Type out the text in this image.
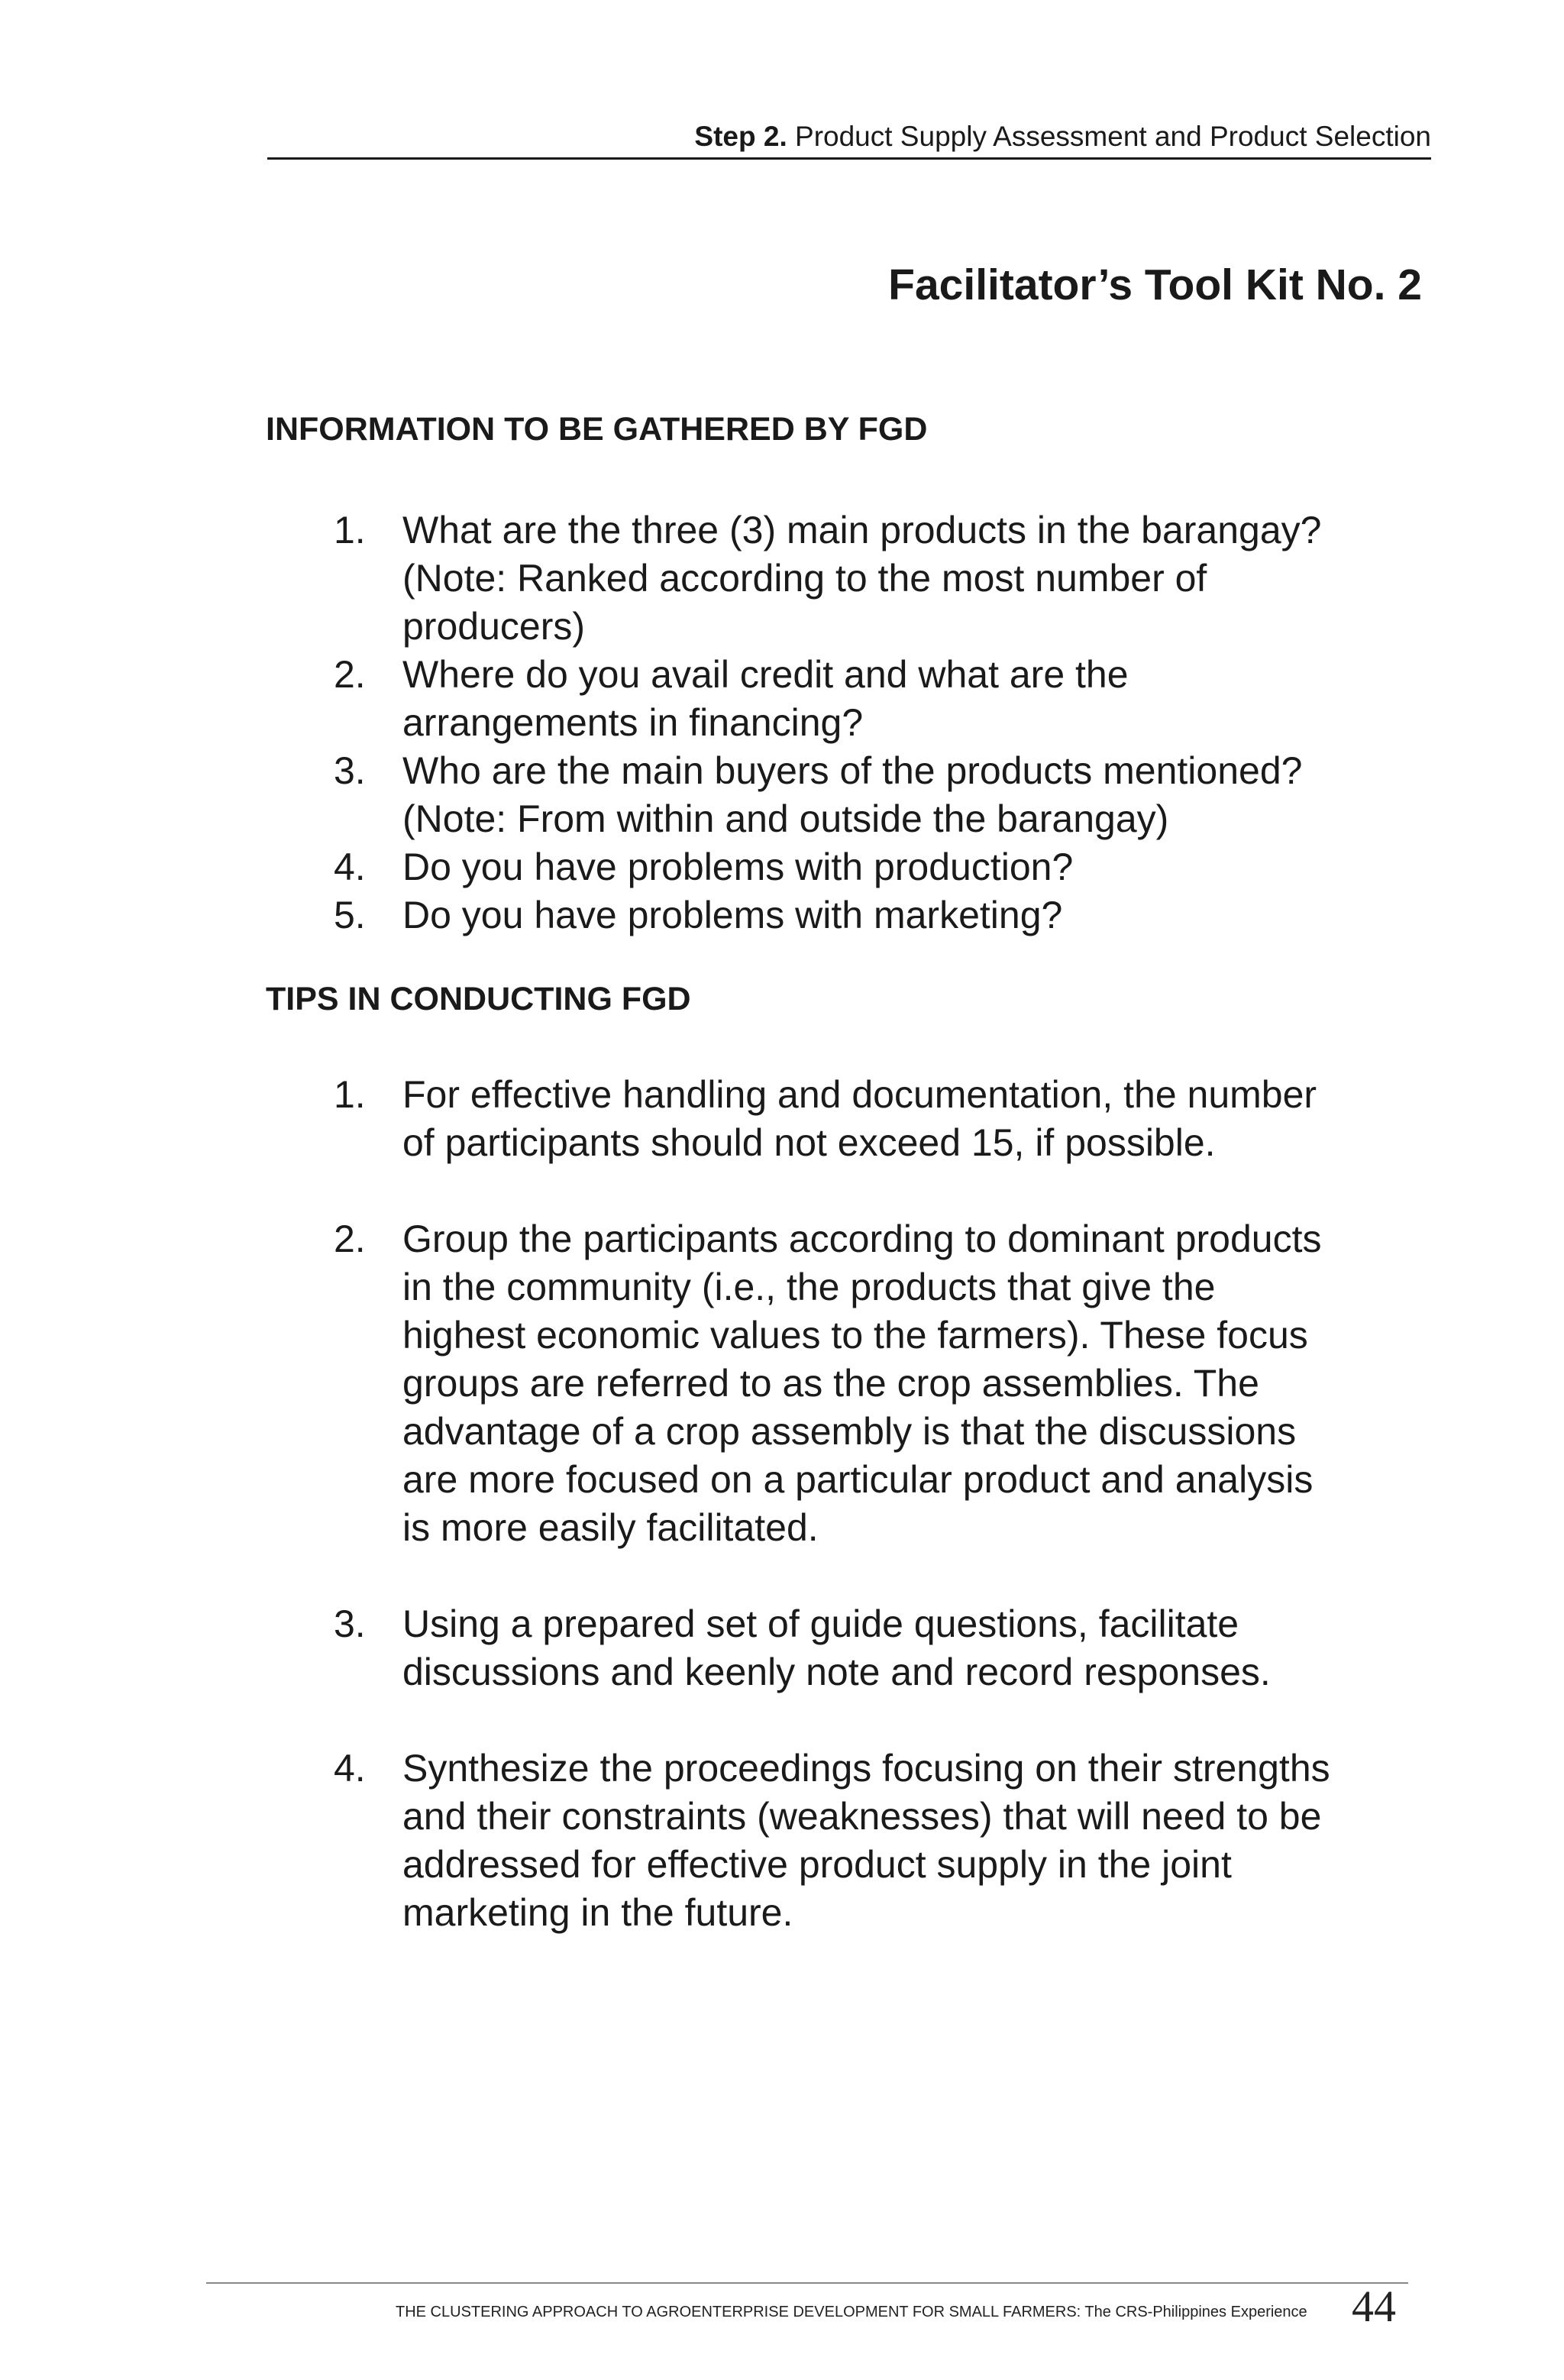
Step 2. Product Supply Assessment and Product Selection
Facilitator’s Tool Kit No. 2
INFORMATION TO BE GATHERED BY FGD
1. What are the three (3) main products in the barangay?
(Note: Ranked according to the most number of
producers)
2. Where do you avail credit and what are the
arrangements in financing?
3. Who are the main buyers of the products mentioned?
(Note: From within and outside the barangay)
4. Do you have problems with production?
5. Do you have problems with marketing?
TIPS IN CONDUCTING FGD
1. For effective handling and documentation, the number
of participants should not exceed 15, if possible.
2. Group the participants according to dominant products
in the community (i.e., the products that give the
highest economic values to the farmers). These focus
groups are referred to as the crop assemblies. The
advantage of a crop assembly is that the discussions
are more focused on a particular product and analysis
is more easily facilitated.
3. Using a prepared set of guide questions, facilitate
discussions and keenly note and record responses.
4. Synthesize the proceedings focusing on their strengths
and their constraints (weaknesses) that will need to be
addressed for effective product supply in the joint
marketing in the future.
THE CLUSTERING APPROACH TO AGROENTERPRISE DEVELOPMENT FOR SMALL FARMERS: The CRS-Philippines Experience 44
